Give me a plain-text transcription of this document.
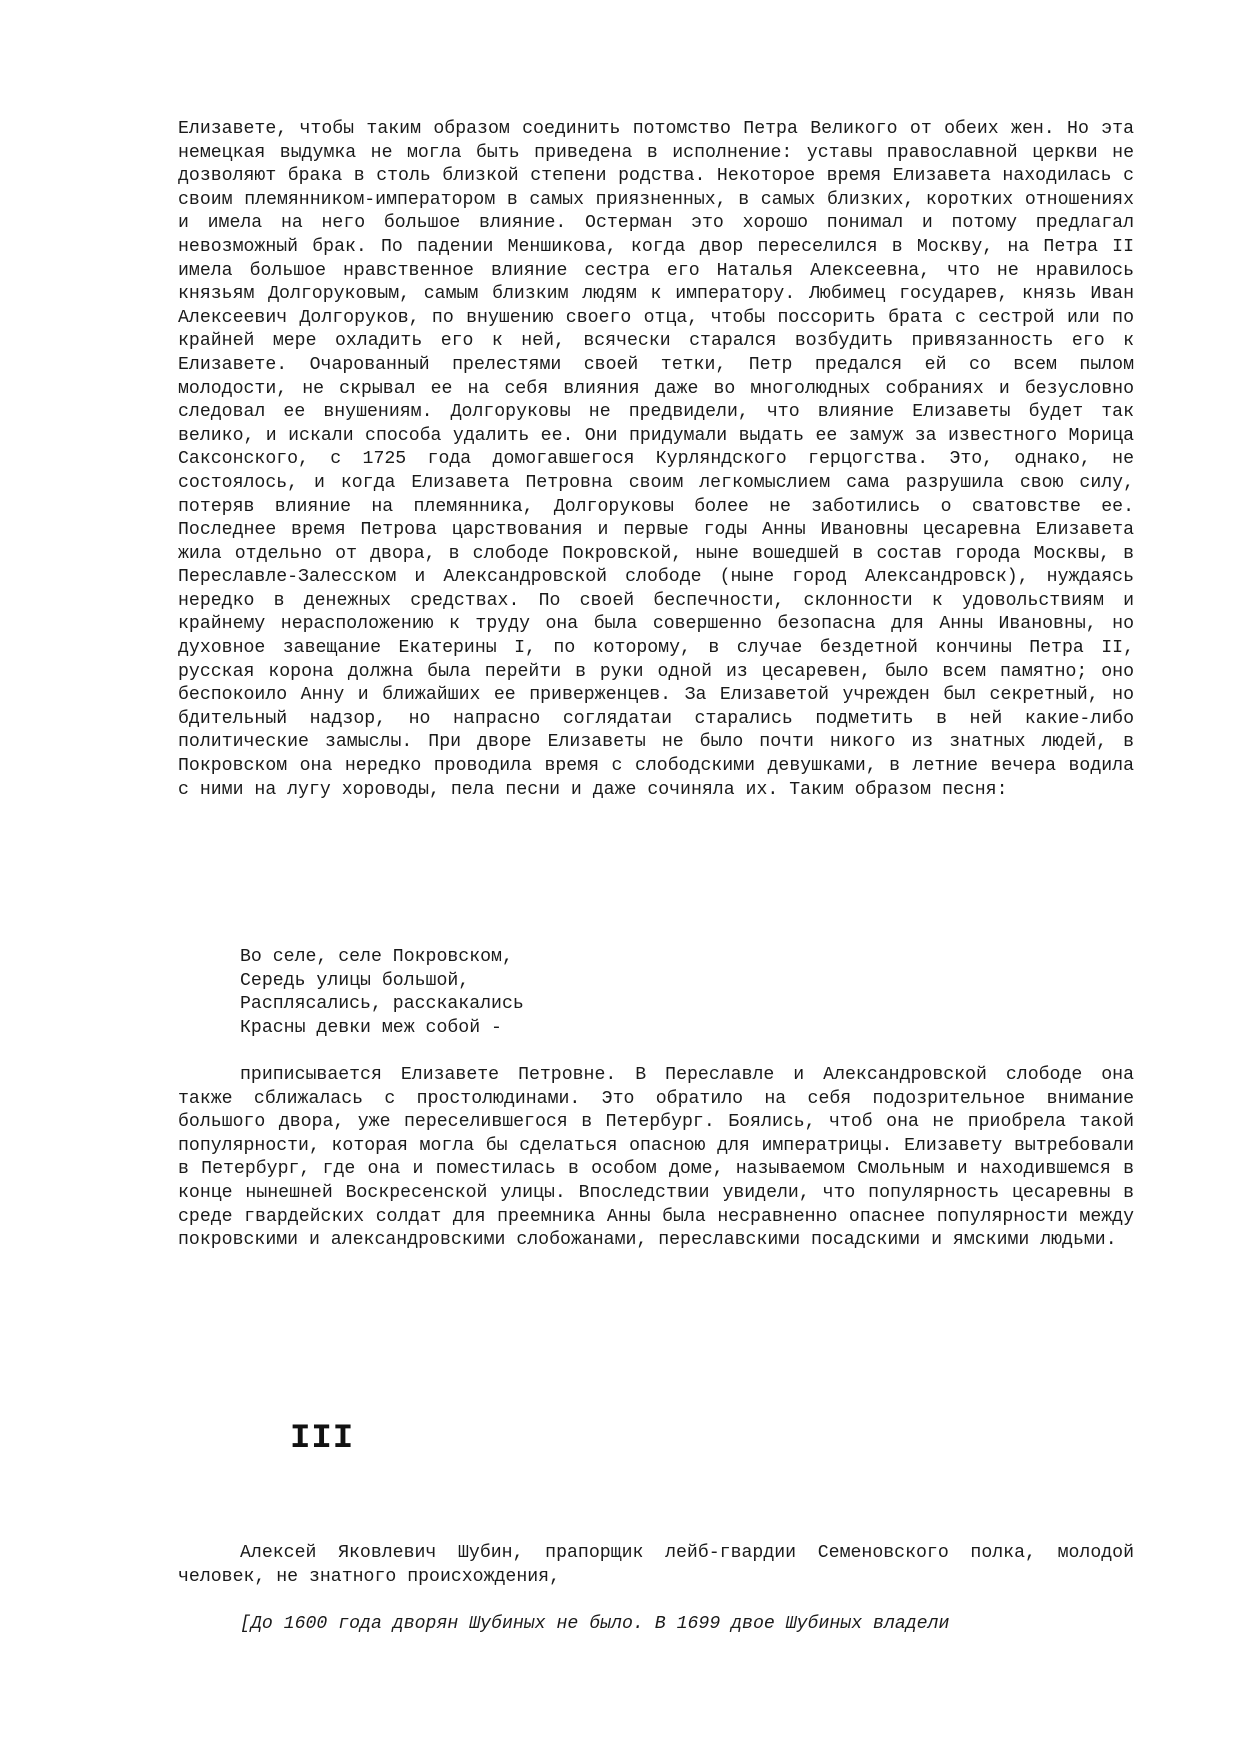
Елизавете, чтобы таким образом соединить потомство Петра Великого от обеих жен. Но эта немецкая выдумка не могла быть приведена в исполнение: уставы православной церкви не дозволяют брака в столь близкой степени родства. Некоторое время Елизавета находилась с своим племянником-императором в самых приязненных, в самых близких, коротких отношениях и имела на него большое влияние. Остерман это хорошо понимал и потому предлагал невозможный брак. По падении Меншикова, когда двор переселился в Москву, на Петра II имела большое нравственное влияние сестра его Наталья Алексеевна, что не нравилось князьям Долгоруковым, самым близким людям к императору. Любимец государев, князь Иван Алексеевич Долгоруков, по внушению своего отца, чтобы поссорить брата с сестрой или по крайней мере охладить его к ней, всячески старался возбудить привязанность его к Елизавете. Очарованный прелестями своей тетки, Петр предался ей со всем пылом молодости, не скрывал ее на себя влияния даже во многолюдных собраниях и безусловно следовал ее внушениям. Долгоруковы не предвидели, что влияние Елизаветы будет так велико, и искали способа удалить ее. Они придумали выдать ее замуж за известного Морица Саксонского, с 1725 года домогавшегося Курляндского герцогства. Это, однако, не состоялось, и когда Елизавета Петровна своим легкомыслием сама разрушила свою силу, потеряв влияние на племянника, Долгоруковы более не заботились о сватовстве ее. Последнее время Петрова царствования и первые годы Анны Ивановны цесаревна Елизавета жила отдельно от двора, в слободе Покровской, ныне вошедшей в состав города Москвы, в Переславле-Залесском и Александровской слободе (ныне город Александровск), нуждаясь нередко в денежных средствах. По своей беспечности, склонности к удовольствиям и крайнему нерасположению к труду она была совершенно безопасна для Анны Ивановны, но духовное завещание Екатерины I, по которому, в случае бездетной кончины Петра II, русская корона должна была перейти в руки одной из цесаревен, было всем памятно; оно беспокоило Анну и ближайших ее приверженцев. За Елизаветой учрежден был секретный, но бдительный надзор, но напрасно соглядатаи старались подметить в ней какие-либо политические замыслы. При дворе Елизаветы не было почти никого из знатных людей, в Покровском она нередко проводила время с слободскими девушками, в летние вечера водила с ними на лугу хороводы, пела песни и даже сочиняла их. Таким образом песня:
Во селе, селе Покровском,
Середь улицы большой,
Расплясались, расскакались
Красны девки меж собой -
приписывается Елизавете Петровне. В Переславле и Александровской слободе она также сближалась с простолюдинами. Это обратило на себя подозрительное внимание большого двора, уже переселившегося в Петербург. Боялись, чтоб она не приобрела такой популярности, которая могла бы сделаться опасною для императрицы. Елизавету вытребовали в Петербург, где она и поместилась в особом доме, называемом Смольным и находившемся в конце нынешней Воскресенской улицы. Впоследствии увидели, что популярность цесаревны в среде гвардейских солдат для преемника Анны была несравненно опаснее популярности между покровскими и александровскими слобожанами, переславскими посадскими и ямскими людьми.
III
Алексей Яковлевич Шубин, прапорщик лейб-гвардии Семеновского полка, молодой человек, не знатного происхождения,
[До 1600 года дворян Шубиных не было. В 1699 двое Шубиных владели
